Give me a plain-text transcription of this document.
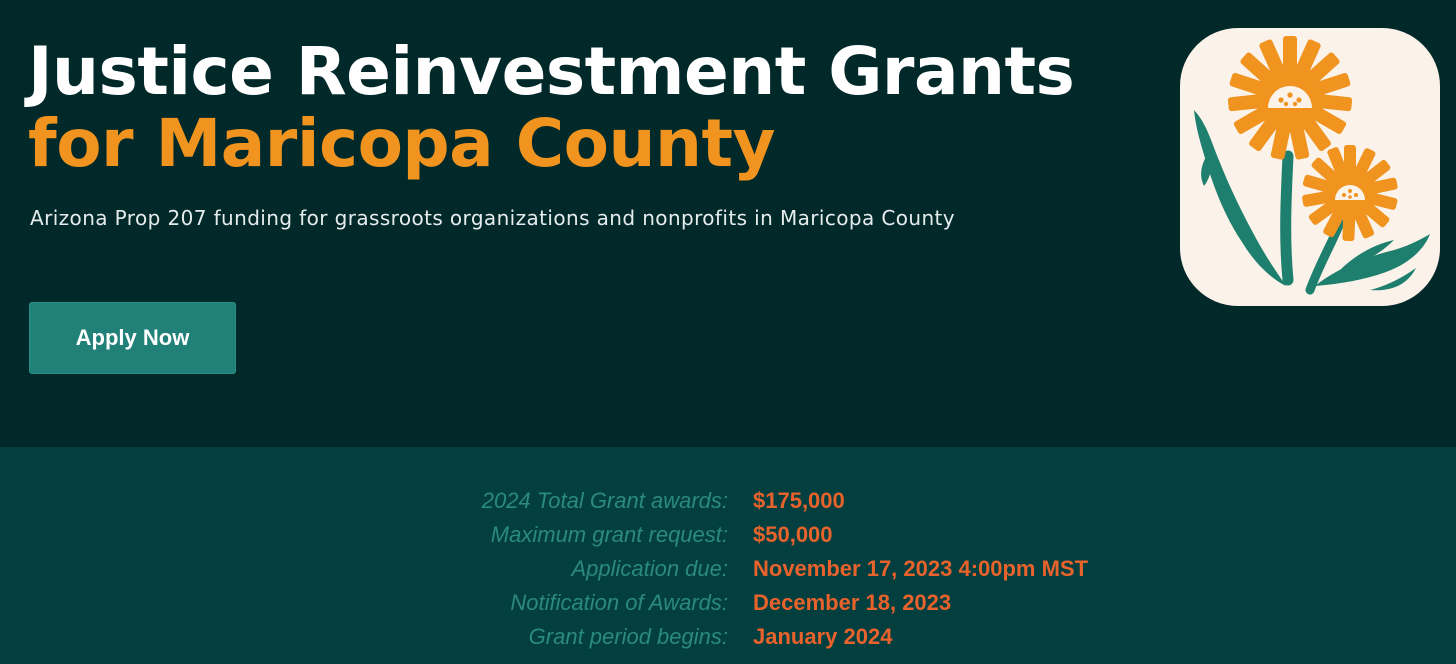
Justice Reinvestment Grants
for Maricopa County

Arizona Prop 207 funding for grassroots organizations and nonprofits in Maricopa County

Apply Now
2024 Total Grant awards: $175,000
Maximum grant request: $50,000
Application due: November 17, 2023 4:00pm MST
Notification of Awards: December 18, 2023
Grant period begins: January 2024
